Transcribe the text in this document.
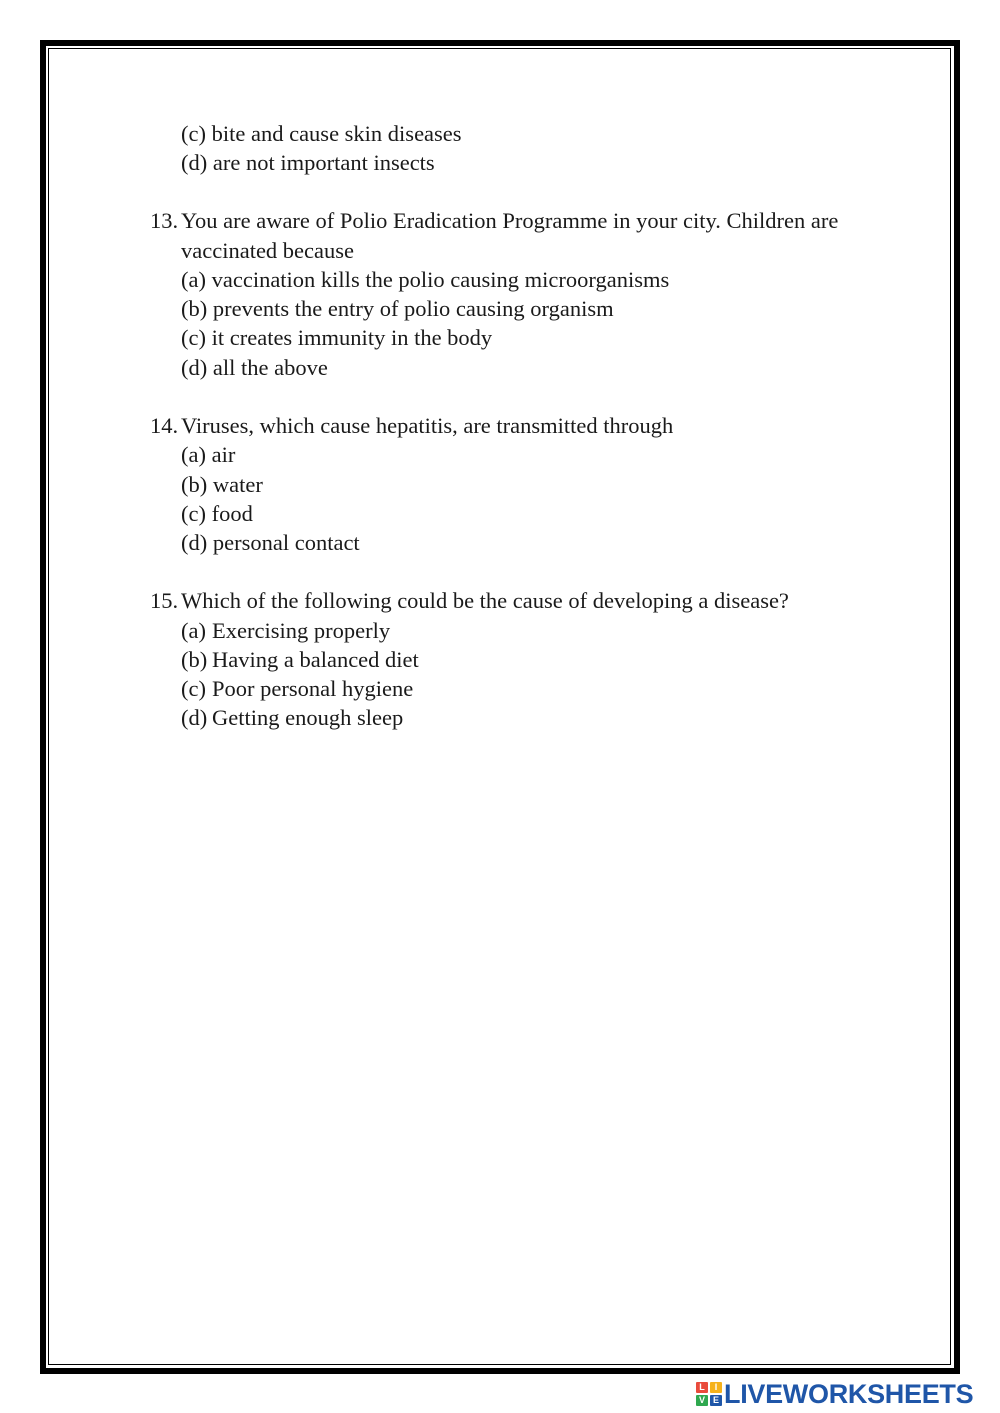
(c) bite and cause skin diseases
(d) are not important insects
13. You are aware of Polio Eradication Programme in your city. Children are
vaccinated because
(a) vaccination kills the polio causing microorganisms
(b) prevents the entry of polio causing organism
(c) it creates immunity in the body
(d) all the above
14. Viruses, which cause hepatitis, are transmitted through
(a) air
(b) water
(c) food
(d) personal contact
15. Which of the following could be the cause of developing a disease?
(a) Exercising properly
(b) Having a balanced diet
(c) Poor personal hygiene
(d) Getting enough sleep
L	I
V E LIVEWORKSHEETS
